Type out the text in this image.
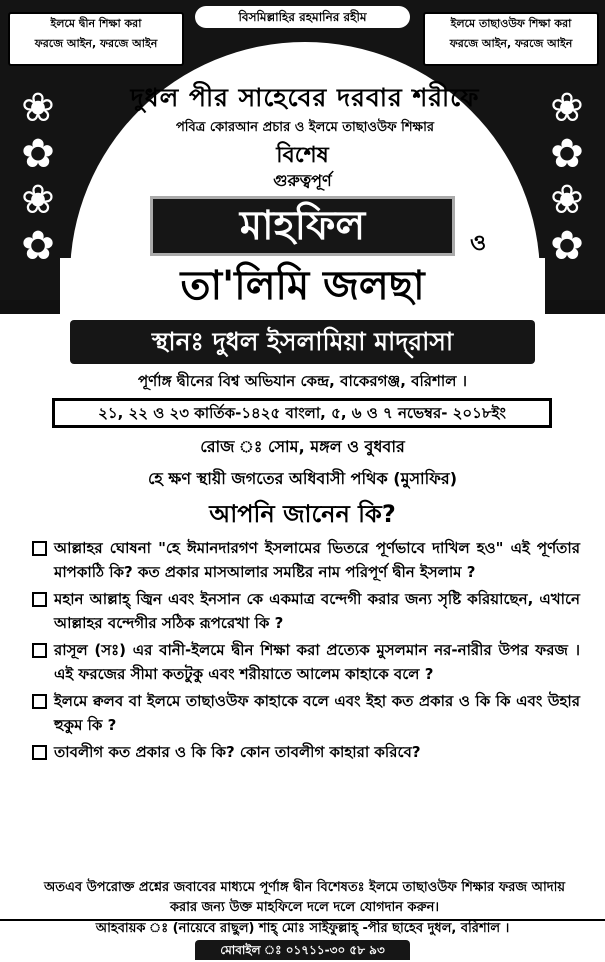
বিসমিল্লাহির রহমানির রহীম
ইলমে দ্বীন শিক্ষা করা
ফরজে আইন, ফরজে আইন
ইলমে তাছাওউফ শিক্ষা করা
ফরজে আইন, ফরজে আইন
❀
✿
❀
✿
❀
✿
❀
✿
দুধল পীর সাহেবের দরবার শরীফে
পবিত্র কোরআন প্রচার ও ইলমে তাছাওউফ শিক্ষার
বিশেষ
গুরুত্বপূর্ণ
মাহফিল	ও
তা'লিমি জলছা
স্থানঃ দুধল ইসলামিয়া মাদ্‌রাসা
পূর্ণাঙ্গ দ্বীনের বিশ্ব অভিযান কেন্দ্র, বাকেরগঞ্জ, বরিশাল ।
২১, ২২ ও ২৩ কার্তিক-১৪২৫ বাংলা, ৫, ৬ ও ৭ নভেম্বর- ২০১৮ইং
রোজ ঃ সোম, মঙ্গল ও বুধবার
হে ক্ষণ স্থায়ী জগতের অধিবাসী পথিক (মুসাফির)
আপনি জানেন কি?
আল্লাহর ঘোষনা "হে ঈমানদারগণ ইসলামের ভিতরে পূর্ণভাবে দাখিল হও" এই পূর্ণতার মাপকাঠি কি? কত প্রকার মাসআলার সমষ্টির নাম পরিপূর্ণ দ্বীন ইসলাম ?
মহান আল্লাহ্ জ্বিন এবং ইনসান কে একমাত্র বন্দেগী করার জন্য সৃষ্টি করিয়াছেন, এখানে আল্লাহর বন্দেগীর সঠিক রূপরেখা কি ?
রাসূল (সঃ) এর বানী-ইলমে দ্বীন শিক্ষা করা প্রত্যেক মুসলমান নর-নারীর উপর ফরজ । এই ফরজের সীমা কতটুকু এবং শরীয়াতে আলেম কাহাকে বলে ?
ইলমে ক্বলব বা ইলমে তাছাওউফ কাহাকে বলে এবং ইহা কত প্রকার ও কি কি এবং উহার হুকুম কি ?
তাবলীগ কত প্রকার ও কি কি? কোন তাবলীগ কাহারা করিবে?
অতএব উপরোক্ত প্রশ্নের জবাবের মাধ্যমে পূর্ণাঙ্গ দ্বীন বিশেষতঃ ইলমে তাছাওউফ শিক্ষার ফরজ আদায় করার জন্য উক্ত মাহফিলে দলে দলে যোগদান করুন।
আহবায়ক ঃ (নায়েবে রাছুল) শাহ্ মোঃ সাইফুল্লাহ্ -পীর ছাহেব দুধল, বরিশাল ।
মোবাইল ঃ ০১৭১১-৩০ ৫৮ ৯৩
